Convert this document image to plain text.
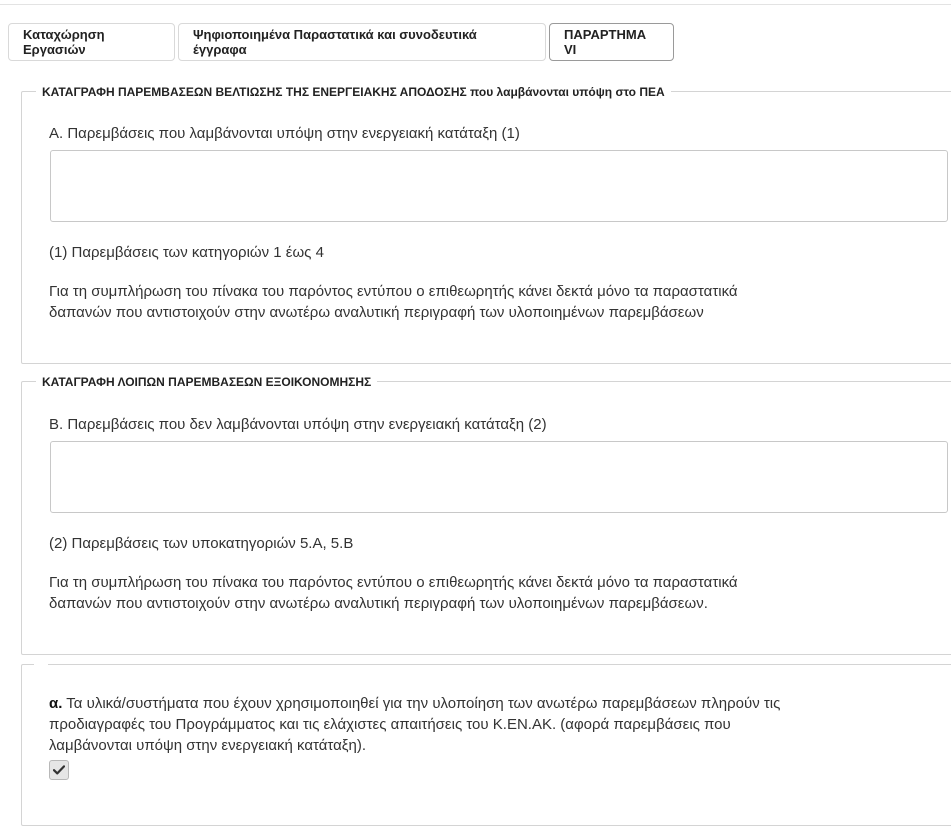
Καταχώρηση Εργασιών
Ψηφιοποιημένα Παραστατικά και συνοδευτικά έγγραφα
ΠΑΡΑΡΤΗΜΑ VI
ΚΑΤΑΓΡΑΦΗ ΠΑΡΕΜΒΑΣΕΩΝ ΒΕΛΤΙΩΣΗΣ ΤΗΣ ΕΝΕΡΓΕΙΑΚΗΣ ΑΠΟΔΟΣΗΣ που λαμβάνονται υπόψη στο ΠΕΑ
Α. Παρεμβάσεις που λαμβάνονται υπόψη στην ενεργειακή κατάταξη (1)
(1) Παρεμβάσεις των κατηγοριών 1 έως 4
Για τη συμπλήρωση του πίνακα του παρόντος εντύπου ο επιθεωρητής κάνει δεκτά μόνο τα παραστατικά δαπανών που αντιστοιχούν στην ανωτέρω αναλυτική περιγραφή των υλοποιημένων παρεμβάσεων
ΚΑΤΑΓΡΑΦΗ ΛΟΙΠΩΝ ΠΑΡΕΜΒΑΣΕΩΝ ΕΞΟΙΚΟΝΟΜΗΣΗΣ
Β. Παρεμβάσεις που δεν λαμβάνονται υπόψη στην ενεργειακή κατάταξη (2)
(2) Παρεμβάσεις των υποκατηγοριών 5.Α, 5.Β
Για τη συμπλήρωση του πίνακα του παρόντος εντύπου ο επιθεωρητής κάνει δεκτά μόνο τα παραστατικά δαπανών που αντιστοιχούν στην ανωτέρω αναλυτική περιγραφή των υλοποιημένων παρεμβάσεων.
α. Τα υλικά/συστήματα που έχουν χρησιμοποιηθεί για την υλοποίηση των ανωτέρω παρεμβάσεων πληρούν τις προδιαγραφές του Προγράμματος και τις ελάχιστες απαιτήσεις του Κ.ΕΝ.ΑΚ. (αφορά παρεμβάσεις που λαμβάνονται υπόψη στην ενεργειακή κατάταξη).
